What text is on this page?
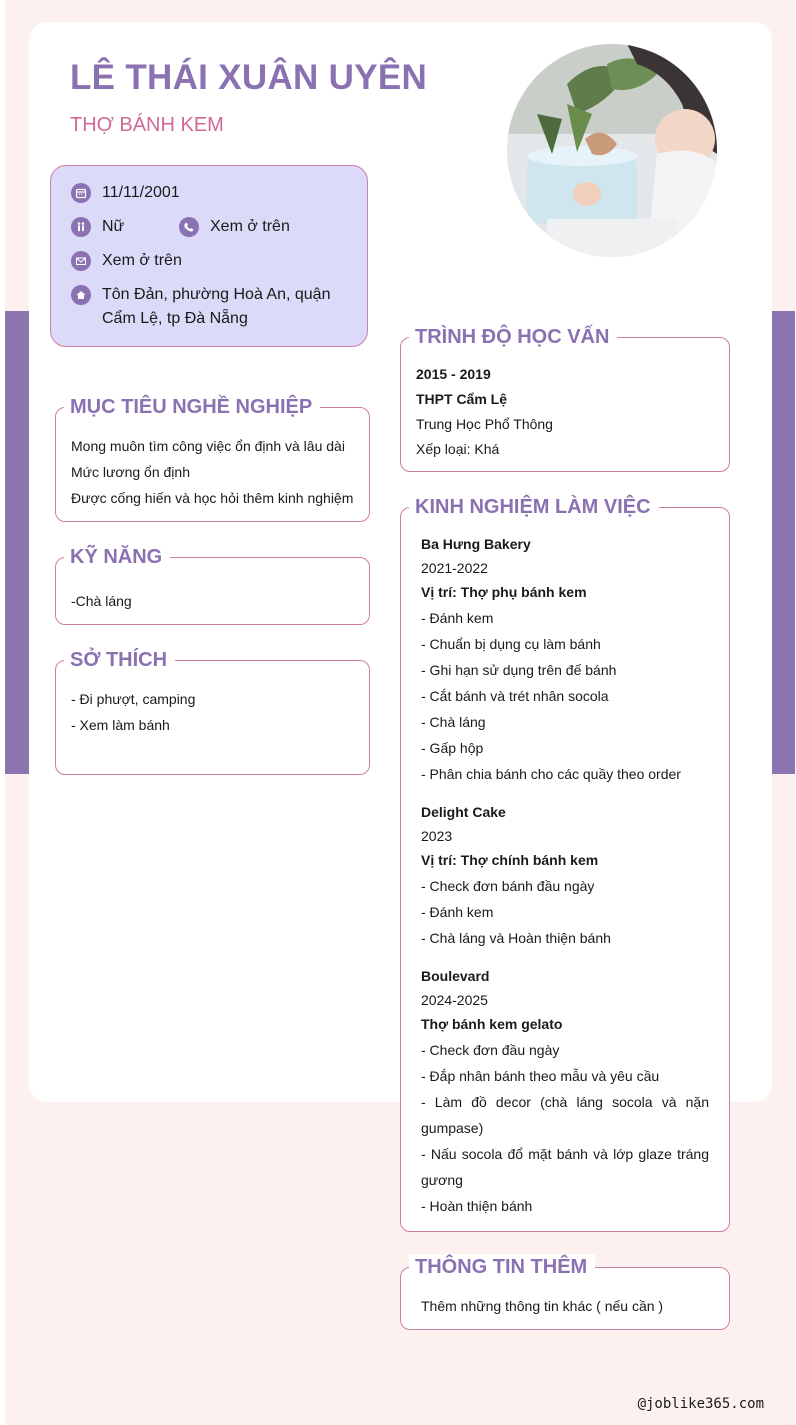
LÊ THÁI XUÂN UYÊN
THỢ BÁNH KEM
11/11/2001
Nữ	Xem ở trên
Xem ở trên
Tôn Đản, phường Hoà An, quận Cẩm Lệ, tp Đà Nẵng
MỤC TIÊU NGHỀ NGHIỆP
Mong muôn tìm công việc ổn định và lâu dài
Mức lương ổn định
Được cống hiến và học hỏi thêm kinh nghiệm
KỸ NĂNG
-Chà láng
SỞ THÍCH
- Đi phượt, camping
- Xem làm bánh
TRÌNH ĐỘ HỌC VẤN
2015 - 2019
THPT Cẩm Lệ
Trung Học Phổ Thông
Xếp loại: Khá
KINH NGHIỆM LÀM VIỆC
Ba Hưng Bakery
2021-2022
Vị trí: Thợ phụ bánh kem
- Đánh kem
- Chuẩn bị dụng cụ làm bánh
- Ghi hạn sử dụng trên đế bánh
- Cắt bánh và trét nhân socola
- Chà láng
- Gấp hộp
- Phân chia bánh cho các quầy theo order
Delight Cake
2023
Vị trí: Thợ chính bánh kem
- Check đơn bánh đầu ngày
- Đánh kem
- Chà láng và Hoàn thiện bánh
Boulevard
2024-2025
Thợ bánh kem gelato
- Check đơn đầu ngày
- Đắp nhân bánh theo mẫu và yêu cầu
- Làm đồ decor (chà láng socola và nặn gumpase)
- Nấu socola đổ mặt bánh và lớp glaze tráng gương
- Hoàn thiện bánh
THÔNG TIN THÊM
Thêm những thông tin khác ( nếu cần )
@joblike365.com
